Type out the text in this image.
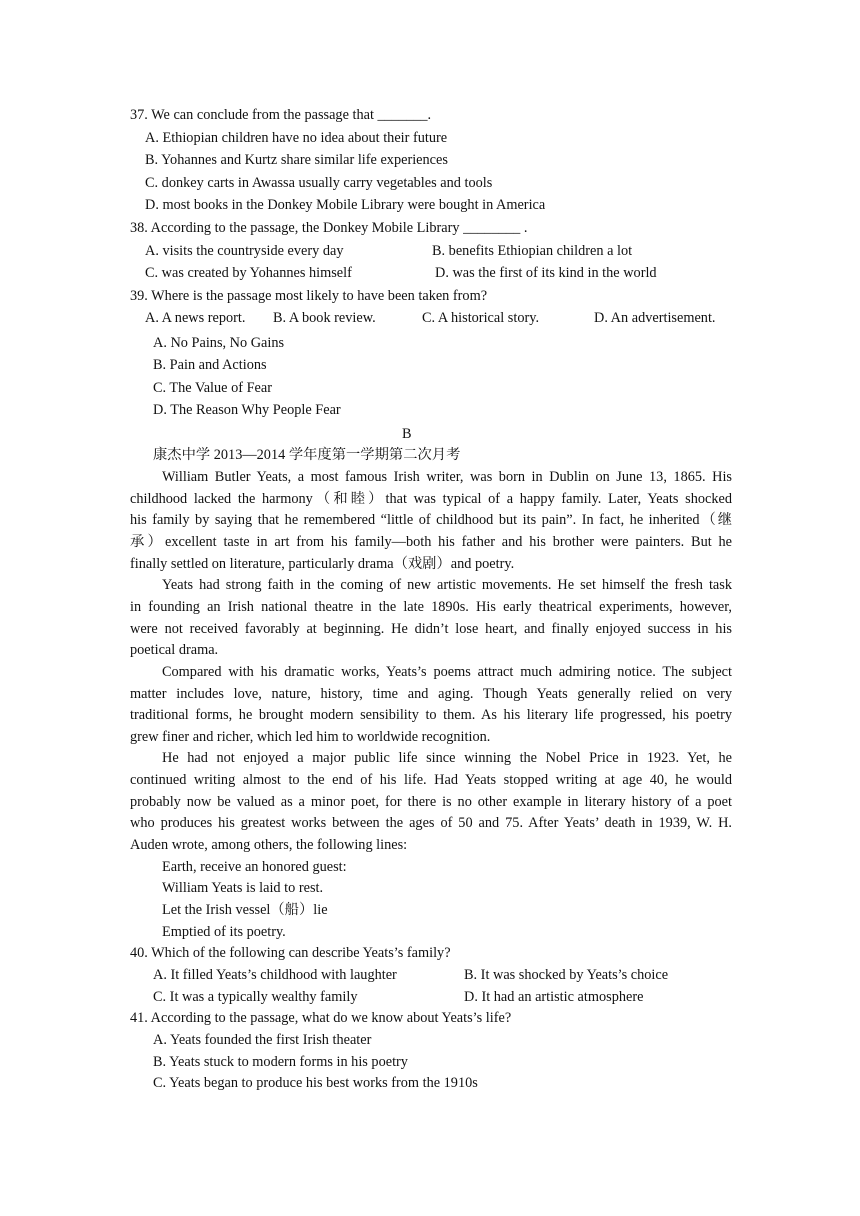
37. We can conclude from the passage that _______.
A. Ethiopian children have no idea about their future
B. Yohannes and Kurtz share similar life experiences
C. donkey carts in Awassa usually carry vegetables and tools
D. most books in the Donkey Mobile Library were bought in America
38. According to the passage, the Donkey Mobile Library ________ .
A. visits the countryside every day	B. benefits Ethiopian children a lot
C. was created by Yohannes himself	D. was the first of its kind in the world
39. Where is the passage most likely to have been taken from?
A. A news report. B. A book review.	C. A historical story.	D. An advertisement.
A. No Pains, No Gains
B. Pain and Actions
C. The Value of Fear
D. The Reason Why People Fear
B
康杰中学 2013—2014 学年度第一学期第二次月考
William Butler Yeats, a most famous Irish writer, was born in Dublin on June 13, 1865. His
childhood lacked the harmony（和睦）that was typical of a happy family. Later, Yeats shocked
his family by saying that he remembered “little of childhood but its pain”. In fact, he inherited（继
承）excellent taste in art from his family—both his father and his brother were painters. But he
finally settled on literature, particularly drama（戏剧）and poetry.
Yeats had strong faith in the coming of new artistic movements. He set himself the fresh task
in founding an Irish national theatre in the late 1890s. His early theatrical experiments, however,
were not received favorably at beginning. He didn’t lose heart, and finally enjoyed success in his
poetical drama.
Compared with his dramatic works, Yeats’s poems attract much admiring notice. The subject
matter includes love, nature, history, time and aging. Though Yeats generally relied on very
traditional forms, he brought modern sensibility to them. As his literary life progressed, his poetry
grew finer and richer, which led him to worldwide recognition.
He had not enjoyed a major public life since winning the Nobel Price in 1923. Yet, he
continued writing almost to the end of his life. Had Yeats stopped writing at age 40, he would
probably now be valued as a minor poet, for there is no other example in literary history of a poet
who produces his greatest works between the ages of 50 and 75. After Yeats’ death in 1939, W. H.
Auden wrote, among others, the following lines:
Earth, receive an honored guest:
William Yeats is laid to rest.
Let the Irish vessel（船）lie
Emptied of its poetry.
40. Which of the following can describe Yeats’s family?
A. It filled Yeats’s childhood with laughter	B. It was shocked by Yeats’s choice
C. It was a typically wealthy family	D. It had an artistic atmosphere
41. According to the passage, what do we know about Yeats’s life?
A. Yeats founded the first Irish theater
B. Yeats stuck to modern forms in his poetry
C. Yeats began to produce his best works from the 1910s
